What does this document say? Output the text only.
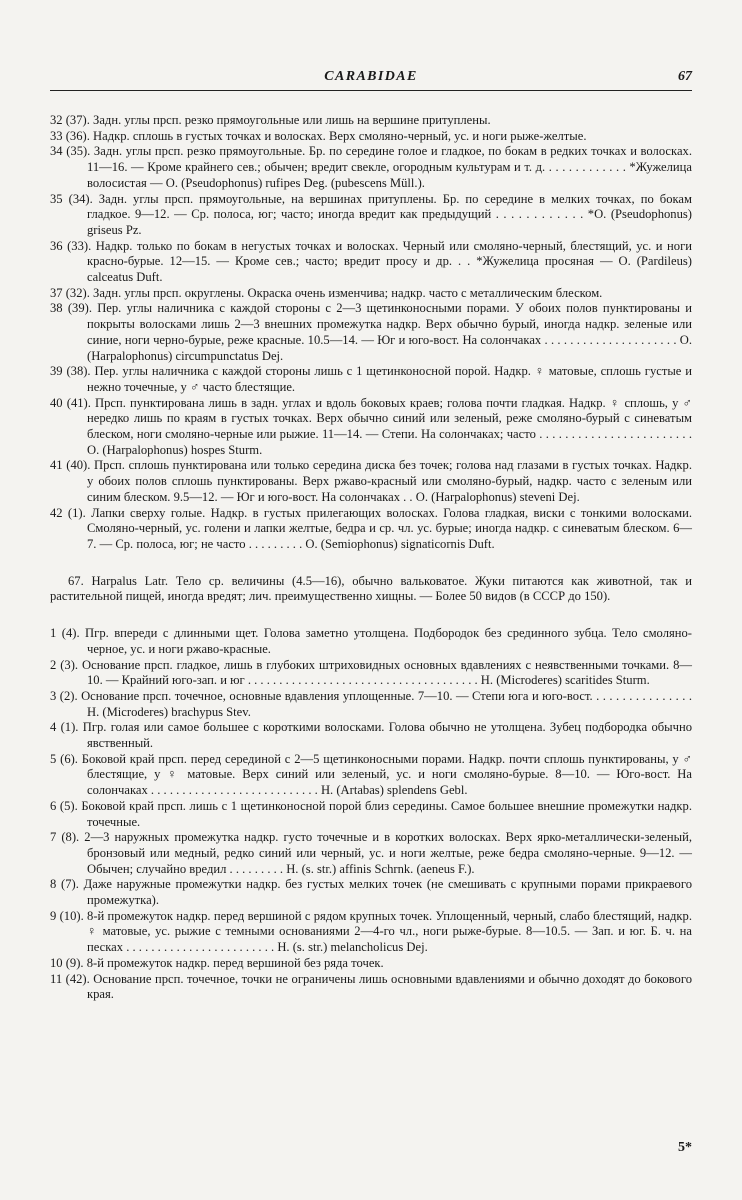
CARABIDAE	67
32 (37). Задн. углы прсп. резко прямоугольные или лишь на вершине притуплены.
33 (36). Надкр. сплошь в густых точках и волосках. Верх смоляно-черный, ус. и ноги рыже-желтые.
34 (35). Задн. углы прсп. резко прямоугольные. Бр. по середине голое и гладкое, по бокам в редких точках и волосках. 11—16. — Кроме крайнего сев.; обычен; вредит свекле, огородным культурам и т. д. . . . . . . . . . . . . *Жужелица волосистая — O. (Pseudophonus) rufipes Deg. (pubescens Müll.).
35 (34). Задн. углы прсп. прямоугольные, на вершинах притуплены. Бр. по середине в мелких точках, по бокам гладкое. 9—12. — Ср. полоса, юг; часто; иногда вредит как предыдущий . . . . . . . . . . . . *O. (Pseudophonus) griseus Pz.
36 (33). Надкр. только по бокам в негустых точках и волосках. Черный или смоляно-черный, блестящий, ус. и ноги красно-бурые. 12—15. — Кроме сев.; часто; вредит просу и др. . . *Жужелица просяная — O. (Pardileus) calceatus Duft.
37 (32). Задн. углы прсп. округлены. Окраска очень изменчива; надкр. часто с металлическим блеском.
38 (39). Пер. углы наличника с каждой стороны с 2—3 щетинконосными порами. У обоих полов пунктированы и покрыты волосками лишь 2—3 внешних промежутка надкр. Верх обычно бурый, иногда надкр. зеленые или синие, ноги черно-бурые, реже красные. 10.5—14. — Юг и юго-вост. На солончаках . . . . . . . . . . . . . . . . . . . . . O. (Harpalophonus) circumpunctatus Dej.
39 (38). Пер. углы наличника с каждой стороны лишь с 1 щетинконосной порой. Надкр. ♀ матовые, сплошь густые и нежно точечные, у ♂ часто блестящие.
40 (41). Прсп. пунктирована лишь в задн. углах и вдоль боковых краев; голова почти гладкая. Надкр. ♀ сплошь, у ♂ нередко лишь по краям в густых точках. Верх обычно синий или зеленый, реже смоляно-бурый с синеватым блеском, ноги смоляно-черные или рыжие. 11—14. — Степи. На солончаках; часто . . . . . . . . . . . . . . . . . . . . . . . . O. (Harpalophonus) hospes Sturm.
41 (40). Прсп. сплошь пунктирована или только середина диска без точек; голова над глазами в густых точках. Надкр. у обоих полов сплошь пунктированы. Верх ржаво-красный или смоляно-бурый, надкр. часто с зеленым или синим блеском. 9.5—12. — Юг и юго-вост. На солончаках . . O. (Harpalophonus) steveni Dej.
42 (1). Лапки сверху голые. Надкр. в густых прилегающих волосках. Голова гладкая, виски с тонкими волосками. Смоляно-черный, ус. голени и лапки желтые, бедра и ср. чл. ус. бурые; иногда надкр. с синеватым блеском. 6—7. — Ср. полоса, юг; не часто . . . . . . . . . O. (Semiophonus) signaticornis Duft.
67. Harpalus Latr. Тело ср. величины (4.5—16), обычно вальковатое. Жуки питаются как животной, так и растительной пищей, иногда вредят; лич. преимущественно хищны. — Более 50 видов (в СССР до 150).
1 (4). Пгр. впереди с длинными щет. Голова заметно утолщена. Подбородок без срединного зубца. Тело смоляно-черное, ус. и ноги ржаво-красные.
2 (3). Основание прсп. гладкое, лишь в глубоких штриховидных основных вдавлениях с неявственными точками. 8—10. — Крайний юго-зап. и юг . . . . . . . . . . . . . . . . . . . . . . . . . . . . . . . . . . . . . H. (Microderes) scaritides Sturm.
3 (2). Основание прсп. точечное, основные вдавления уплощенные. 7—10. — Степи юга и юго-вост. . . . . . . . . . . . . . . . H. (Microderes) brachypus Stev.
4 (1). Пгр. голая или самое большее с короткими волосками. Голова обычно не утолщена. Зубец подбородка обычно явственный.
5 (6). Боковой край прсп. перед серединой с 2—5 щетинконосными порами. Надкр. почти сплошь пунктированы, у ♂ блестящие, у ♀ матовые. Верх синий или зеленый, ус. и ноги смоляно-бурые. 8—10. — Юго-вост. На солончаках . . . . . . . . . . . . . . . . . . . . . . . . . . . H. (Artabas) splendens Gebl.
6 (5). Боковой край прсп. лишь с 1 щетинконосной порой близ середины. Самое большее внешние промежутки надкр. точечные.
7 (8). 2—3 наружных промежутка надкр. густо точечные и в коротких волосках. Верх ярко-металлически-зеленый, бронзовый или медный, редко синий или черный, ус. и ноги желтые, реже бедра смоляно-черные. 9—12. — Обычен; случайно вредил . . . . . . . . . H. (s. str.) affinis Schrnk. (aeneus F.).
8 (7). Даже наружные промежутки надкр. без густых мелких точек (не смешивать с крупными порами прикраевого промежутка).
9 (10). 8-й промежуток надкр. перед вершиной с рядом крупных точек. Уплощенный, черный, слабо блестящий, надкр. ♀ матовые, ус. рыжие с темными основаниями 2—4-го чл., ноги рыже-бурые. 8—10.5. — Зап. и юг. Б. ч. на песках . . . . . . . . . . . . . . . . . . . . . . . . H. (s. str.) melancholicus Dej.
10 (9). 8-й промежуток надкр. перед вершиной без ряда точек.
11 (42). Основание прсп. точечное, точки не ограничены лишь основными вдавлениями и обычно доходят до бокового края.
5*
